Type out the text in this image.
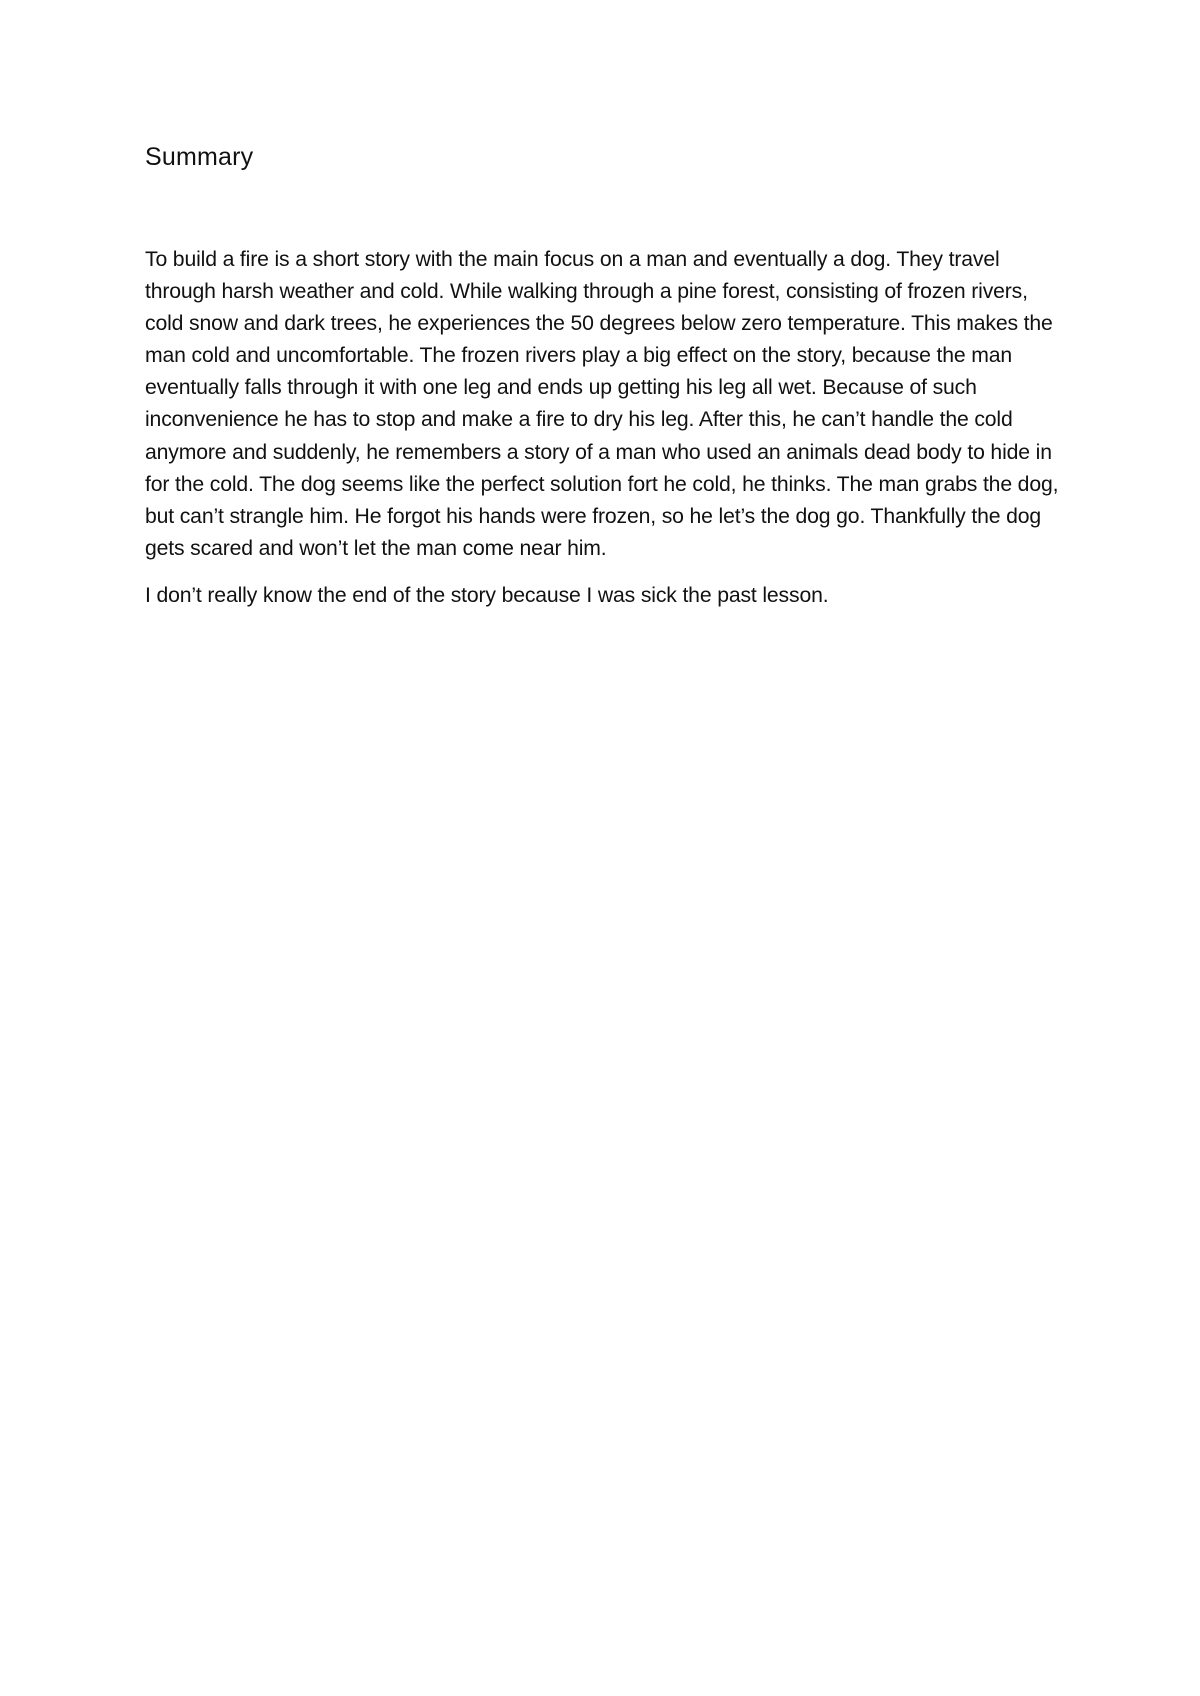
Summary

To build a fire is a short story with the main focus on a man and eventually a dog. They travel through harsh weather and cold. While walking through a pine forest, consisting of frozen rivers, cold snow and dark trees, he experiences the 50 degrees below zero temperature. This makes the man cold and uncomfortable. The frozen rivers play a big effect on the story, because the man eventually falls through it with one leg and ends up getting his leg all wet. Because of such inconvenience he has to stop and make a fire to dry his leg. After this, he can’t handle the cold anymore and suddenly, he remembers a story of a man who used an animals dead body to hide in for the cold. The dog seems like the perfect solution fort he cold, he thinks. The man grabs the dog, but can’t strangle him. He forgot his hands were frozen, so he let’s the dog go. Thankfully the dog gets scared and won’t let the man come near him.

I don’t really know the end of the story because I was sick the past lesson.
